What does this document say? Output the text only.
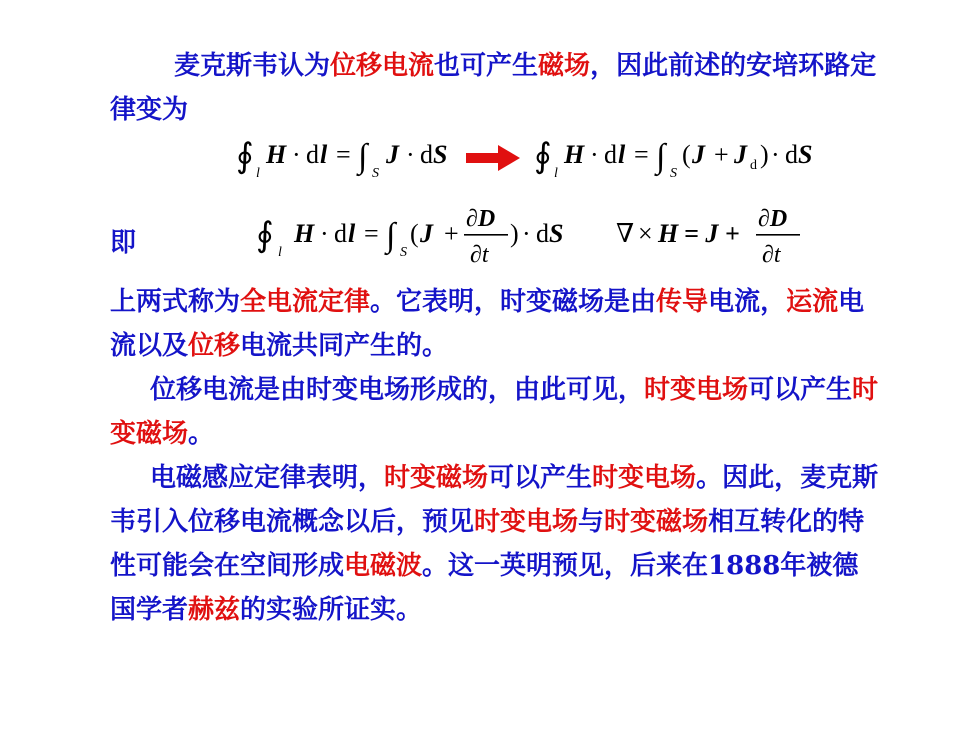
麦克斯韦认为位移电流也可产生磁场，因此前述的安培环路定律变为

∮ l
H · d l = ∫ S
J · d S	∮ l
H · d l = ∫ S
( J + J d ) · d S
即	∮ l
H · d l = ∫ S
( J + ∂D
∂t
) · d S ∇ × H = J + ∂D
∂t

上两式称为全电流定律。它表明，时变磁场是由传导电流，运流电流以及位移电流共同产生的。

位移电流是由时变电场形成的，由此可见，时变电场可以产生时变磁场。

电磁感应定律表明，时变磁场可以产生时变电场。因此，麦克斯韦引入位移电流概念以后，预见时变电场与时变磁场相互转化的特性可能会在空间形成电磁波。这一英明预见，后来在1888年被德国学者赫兹的实验所证实。
